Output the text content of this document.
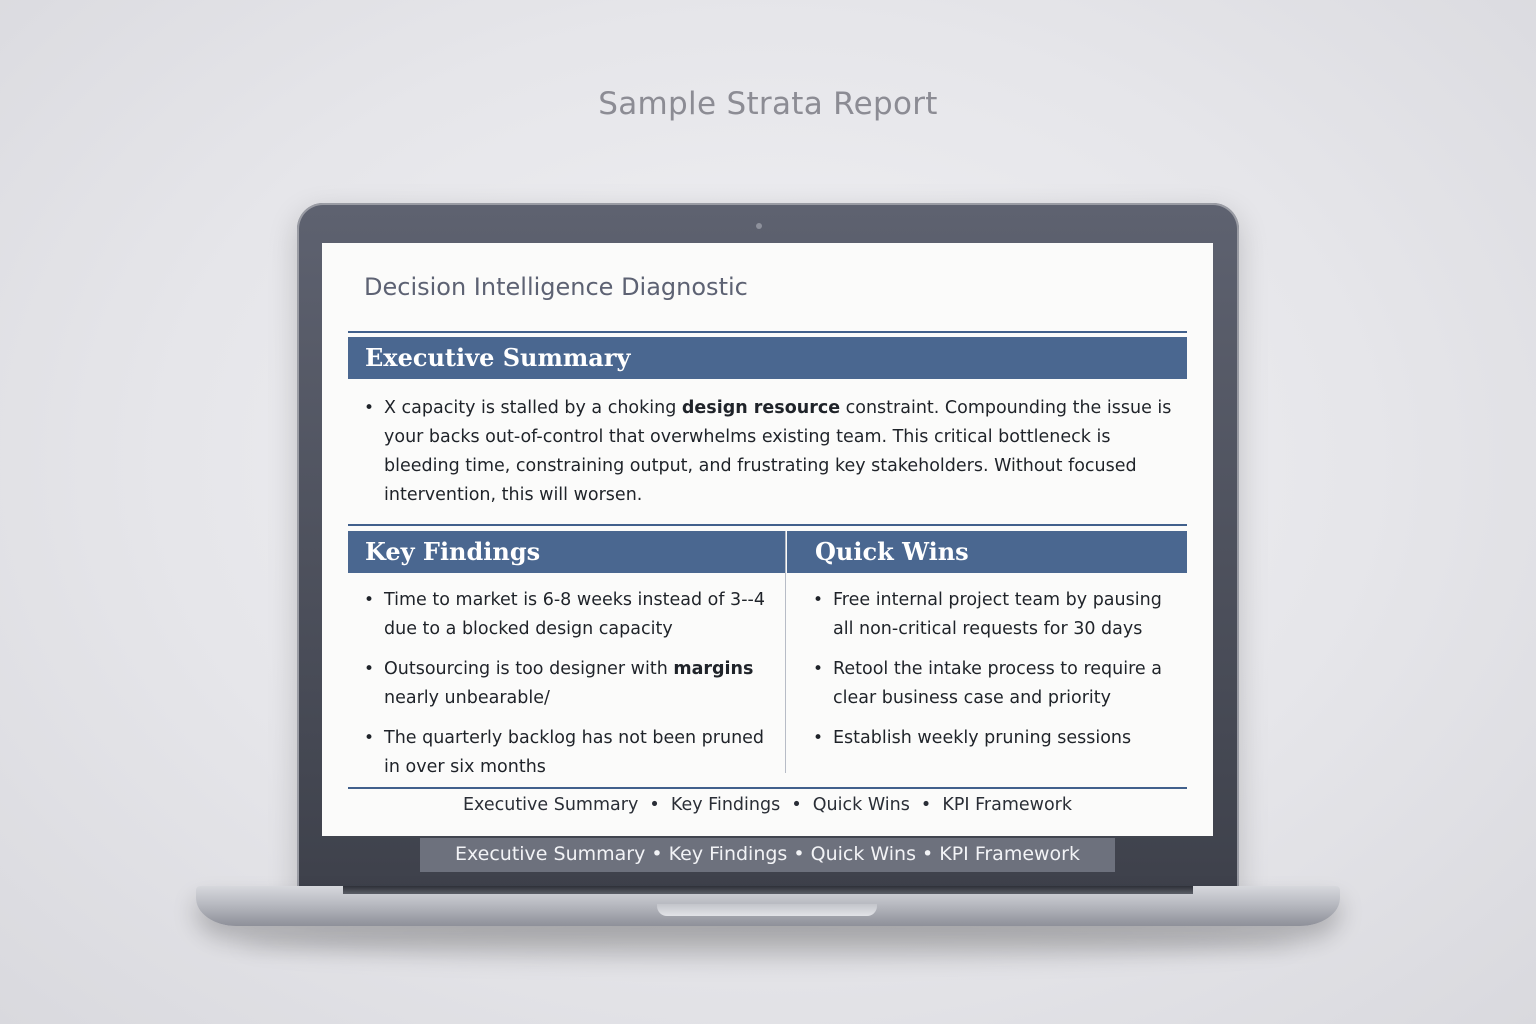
Sample Strata Report
Decision Intelligence Diagnostic
Executive Summary
• X capacity is stalled by a choking design resource constraint. Compounding the issue is your backs out-of-control that overwhelms existing team. This critical bottleneck is bleeding time, constraining output, and frustrating key stakeholders. Without focused intervention, this will worsen.
Key Findings	Quick Wins
• Time to market is 6-8 weeks instead of 3--4 due to a blocked design capacity
• Outsourcing is too designer with margins nearly unbearable/
• The quarterly backlog has not been pruned in over six months
• Free internal project team by pausing all non-critical requests for 30 days
• Retool the intake process to require a clear business case and priority
• Establish weekly pruning sessions
Executive Summary  •  Key Findings  •  Quick Wins  •  KPI Framework
Executive Summary • Key Findings • Quick Wins • KPI Framework
